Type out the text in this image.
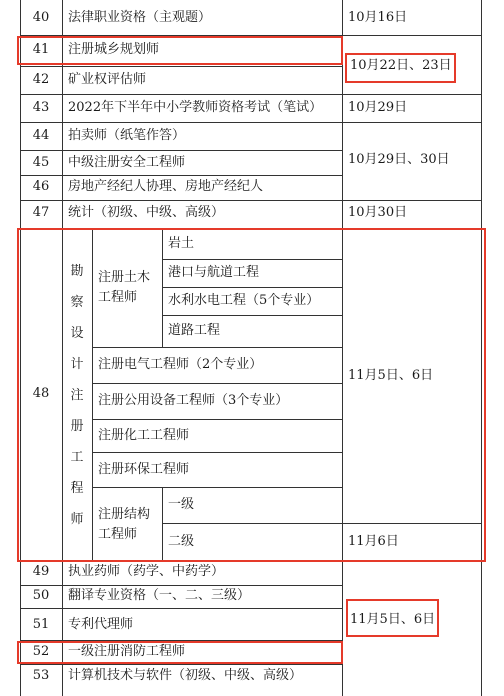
40
41
42
43
44
45
46
47
48
49
50
51
52
53
法律职业资格（主观题）
注册城乡规划师
矿业权评估师
2022年下半年中小学教师资格考试（笔试）
拍卖师（纸笔作答）
中级注册安全工程师
房地产经纪人协理、房地产经纪人
统计（初级、中级、高级）
执业药师（药学、中药学）
翻译专业资格（一、二、三级）
专利代理师
一级注册消防工程师
计算机技术与软件（初级、中级、高级）
勘
察
设
计
注
册
工
程
师
注册土木
工程师
岩土
港口与航道工程
水利水电工程（5个专业）
道路工程
注册电气工程师（2个专业）
注册公用设备工程师（3个专业）
注册化工工程师
注册环保工程师
注册结构
工程师
一级
二级
10月16日
10月22日、23日
10月29日
10月29日、30日
10月30日
11月5日、6日
11月6日
11月5日、6日
